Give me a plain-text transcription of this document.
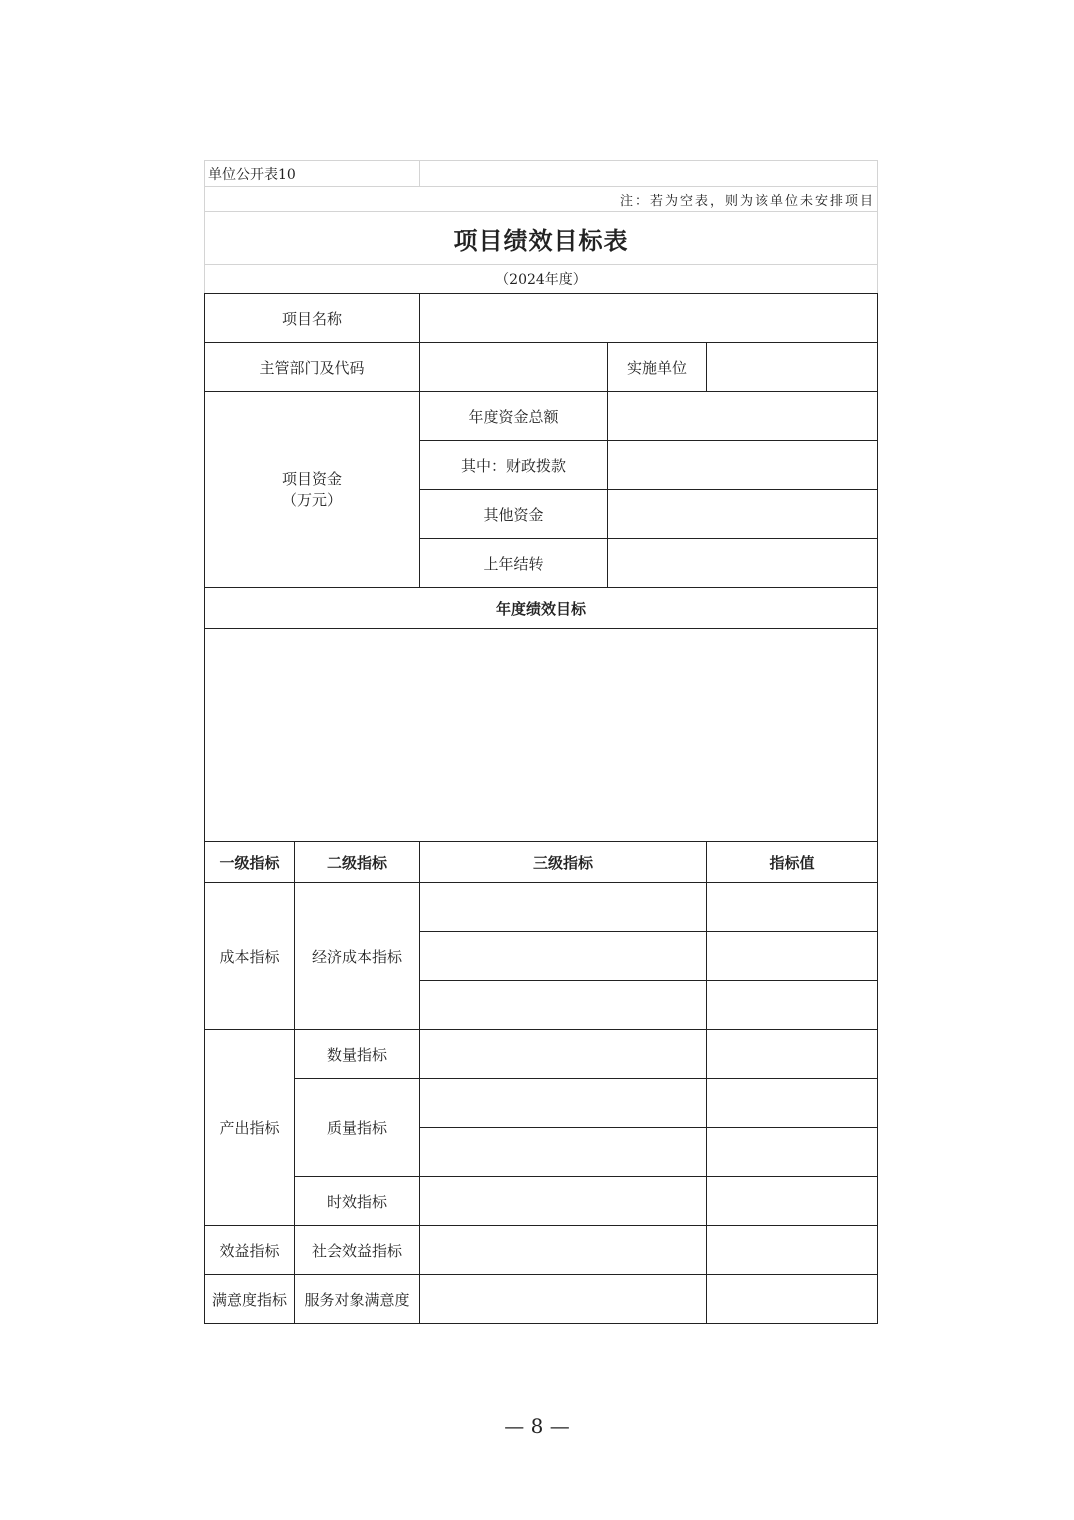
单位公开表10	
注：若为空表，则为该单位未安排项目
项目绩效目标表
（2024年度）
项目名称				
主管部门及代码			实施单位	

项目资金
（万元）		年度资金总额		
		其中：财政拨款		
		其他资金		
		上年结转		
年度绩效目标				

一级指标	二级指标	三级指标		指标值
成本指标	经济成本指标			

产出指标	数量指标			
	质量指标			

	时效指标			
效益指标	社会效益指标			
满意度指标	服务对象满意度			
— 8 —
